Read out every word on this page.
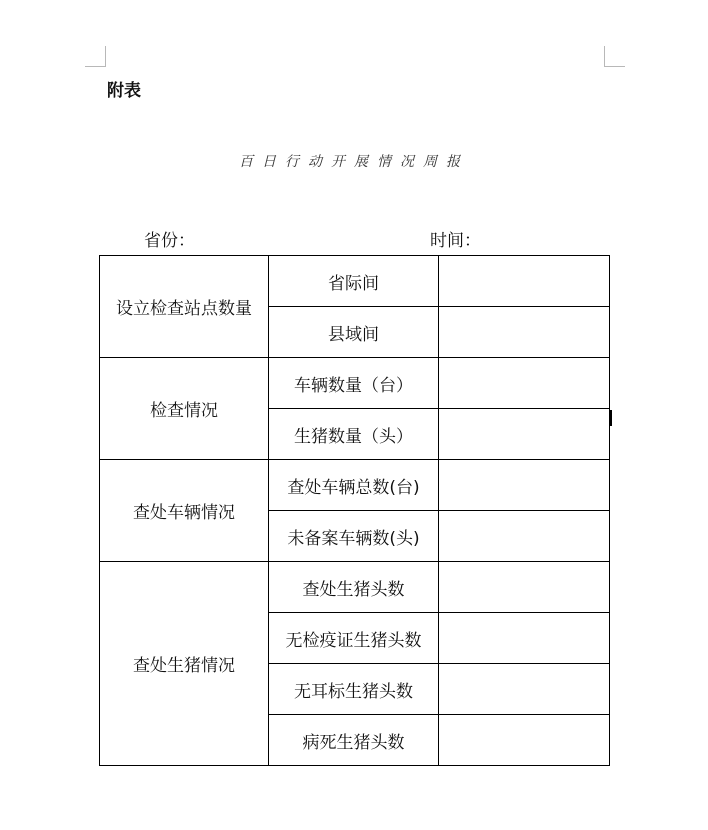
附表
百日行动开展情况周报
省份：	时间：
设立检查站点数量	省际间	
	县域间	
检查情况	车辆数量（台）	
	生猪数量（头）	
查处车辆情况	查处车辆总数(台)	
	未备案车辆数(头)	
查处生猪情况	查处生猪头数	
	无检疫证生猪头数	
	无耳标生猪头数	
	病死生猪头数	
